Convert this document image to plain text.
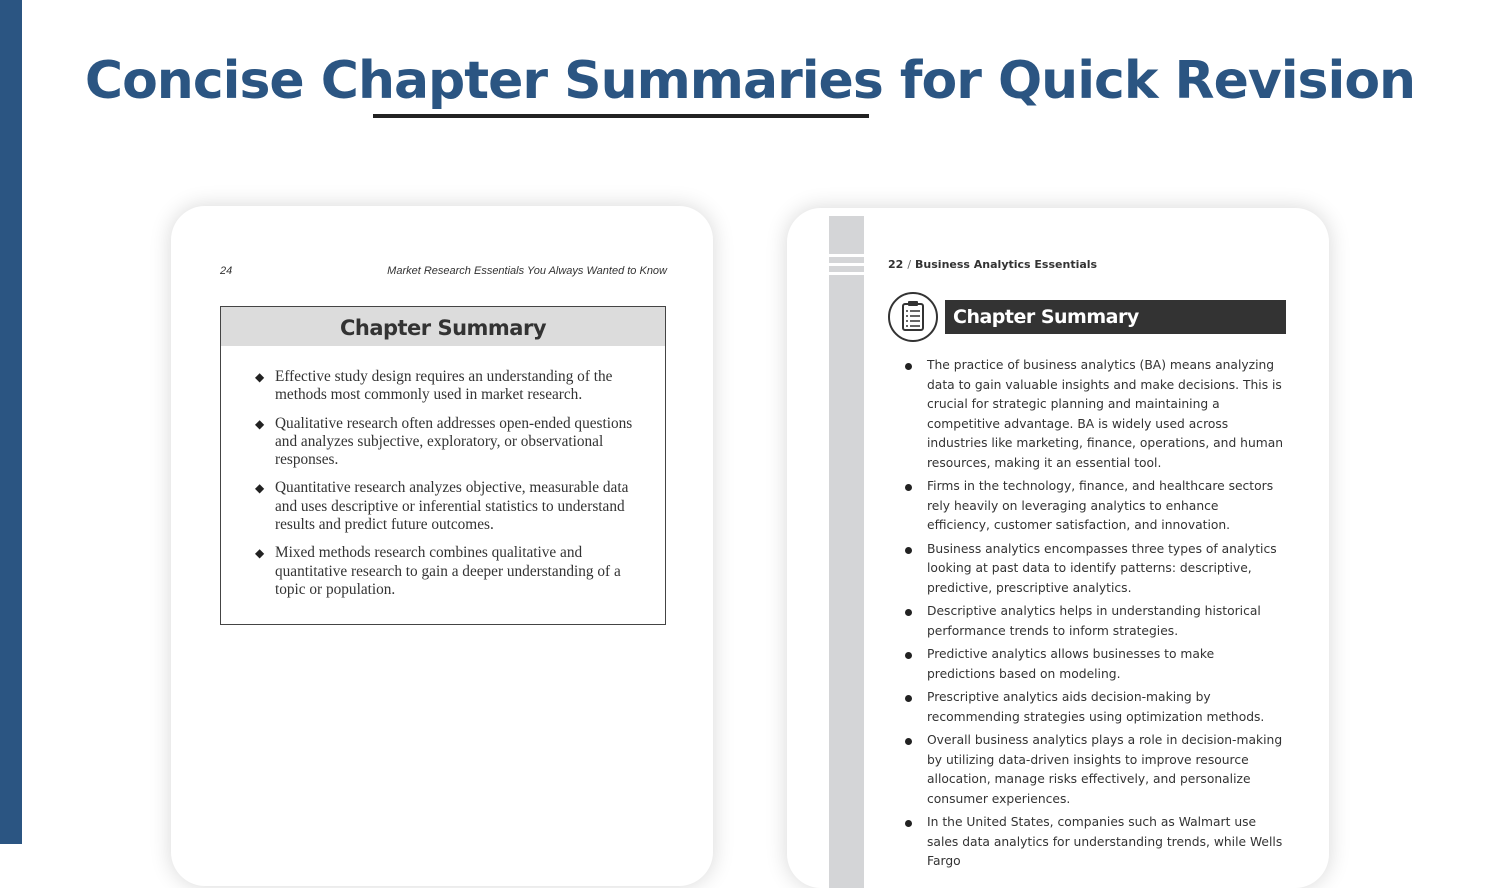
Concise Chapter Summaries for Quick Revision
24	Market Research Essentials You Always Wanted to Know
Chapter Summary
◆ Effective study design requires an understanding of the methods most commonly used in market research.
◆ Qualitative research often addresses open-ended questions and analyzes subjective, exploratory, or observational responses.
◆ Quantitative research analyzes objective, measurable data and uses descriptive or inferential statistics to understand results and predict future outcomes.
◆ Mixed methods research combines qualitative and quantitative research to gain a deeper understanding of a topic or population.
22 / Business Analytics Essentials
Chapter Summary
The practice of business analytics (BA) means analyzing data to gain valuable insights and make decisions. This is crucial for strategic planning and maintaining a competitive advantage. BA is widely used across industries like marketing, finance, operations, and human resources, making it an essential tool.
Firms in the technology, finance, and healthcare sectors rely heavily on leveraging analytics to enhance efficiency, customer satisfaction, and innovation.
Business analytics encompasses three types of analytics looking at past data to identify patterns: descriptive, predictive, prescriptive analytics.
Descriptive analytics helps in understanding historical performance trends to inform strategies.
Predictive analytics allows businesses to make predictions based on modeling.
Prescriptive analytics aids decision-making by recommending strategies using optimization methods.
Overall business analytics plays a role in decision-making by utilizing data-driven insights to improve resource allocation, manage risks effectively, and personalize consumer experiences.
In the United States, companies such as Walmart use sales data analytics for understanding trends, while Wells Fargo
